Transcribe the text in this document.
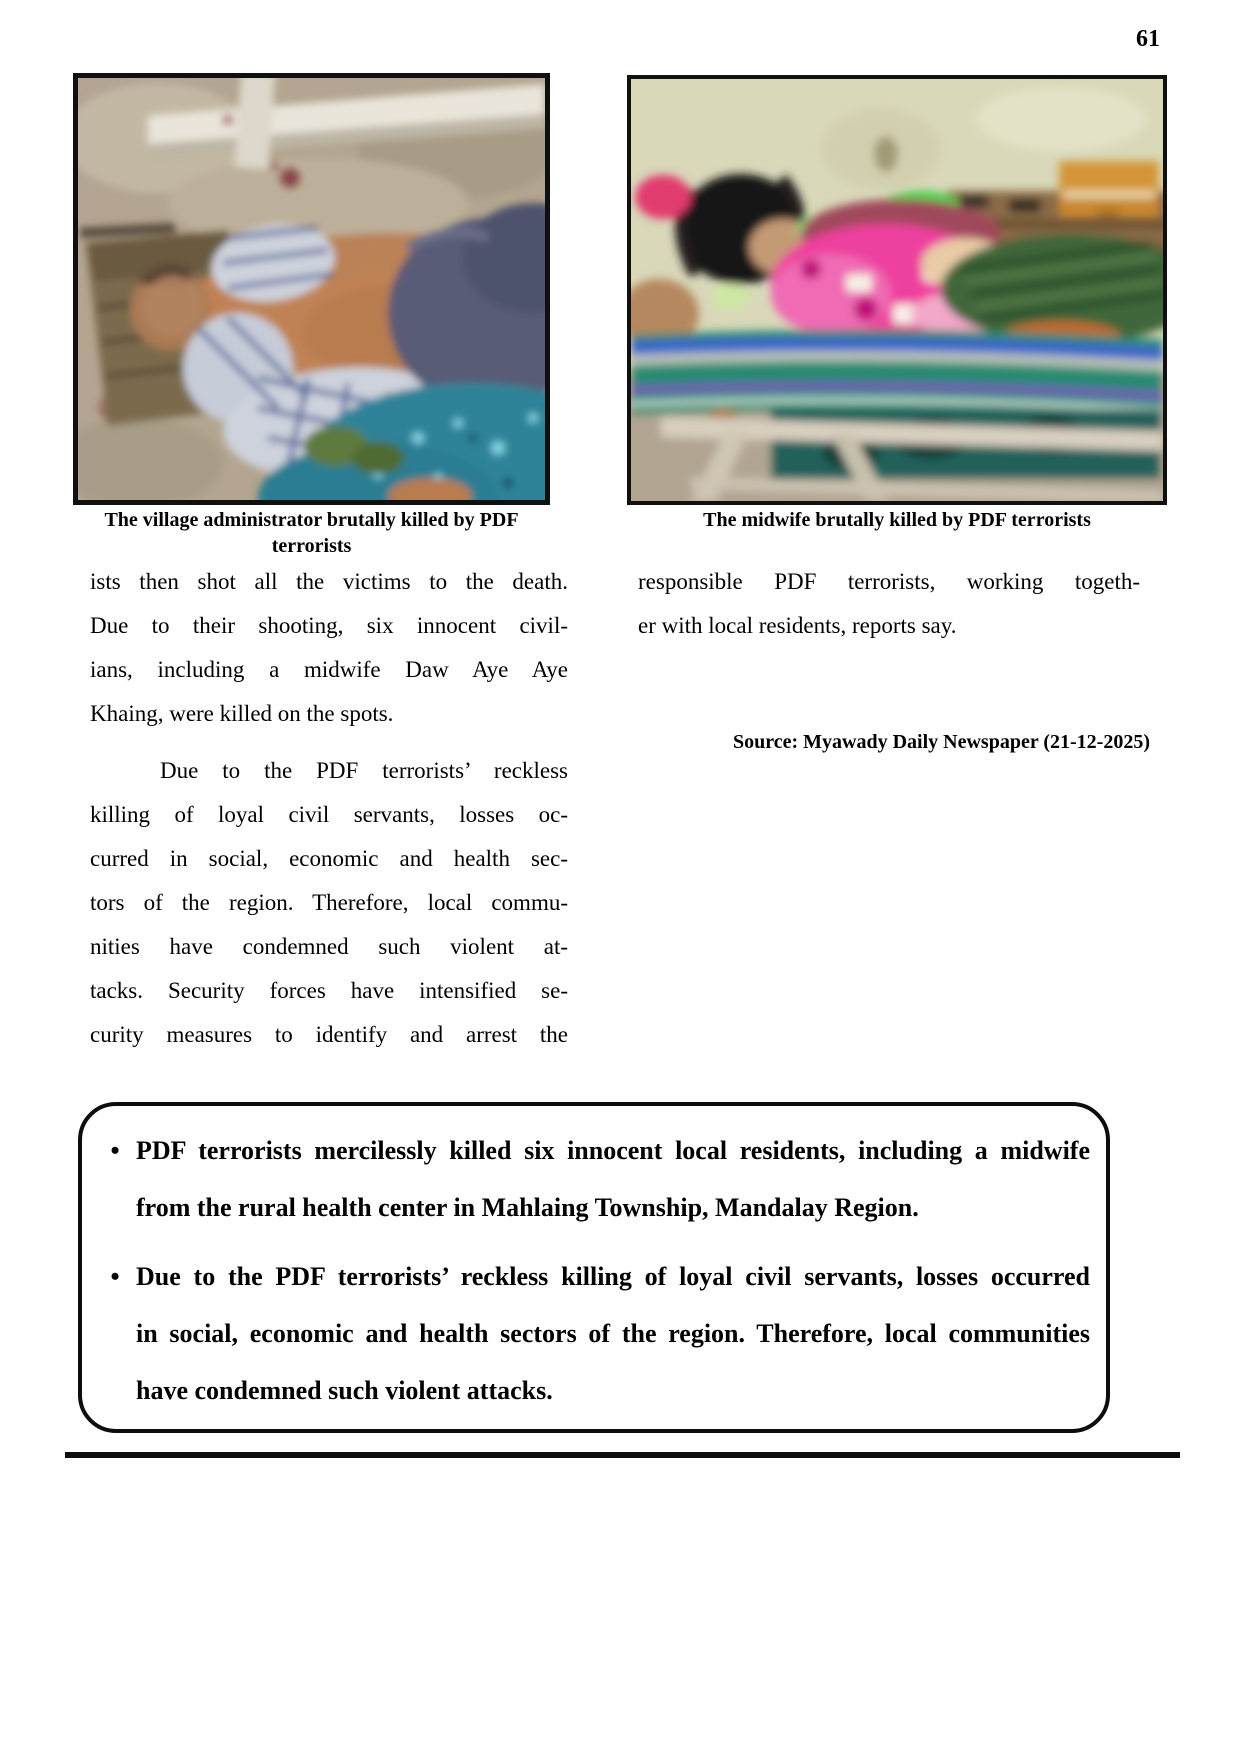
61
The village administrator brutally killed by PDF terrorists
The midwife brutally killed by PDF terrorists
ists then shot all the victims to the death.
Due to their shooting, six innocent civil-
ians, including a midwife Daw Aye Aye
Khaing, were killed on the spots.
Due to the PDF terrorists’ reckless
killing of loyal civil servants, losses oc-
curred in social, economic and health sec-
tors of the region. Therefore, local commu-
nities have condemned such violent at-
tacks. Security forces have intensified se-
curity measures to identify and arrest the
responsible PDF terrorists, working togeth-
er with local residents, reports say.
Source: Myawady Daily Newspaper (21-12-2025)
• PDF terrorists mercilessly killed six innocent local residents, including a midwife
from the rural health center in Mahlaing Township, Mandalay Region.
• Due to the PDF terrorists’ reckless killing of loyal civil servants, losses occurred
in social, economic and health sectors of the region. Therefore, local communities
have condemned such violent attacks.
